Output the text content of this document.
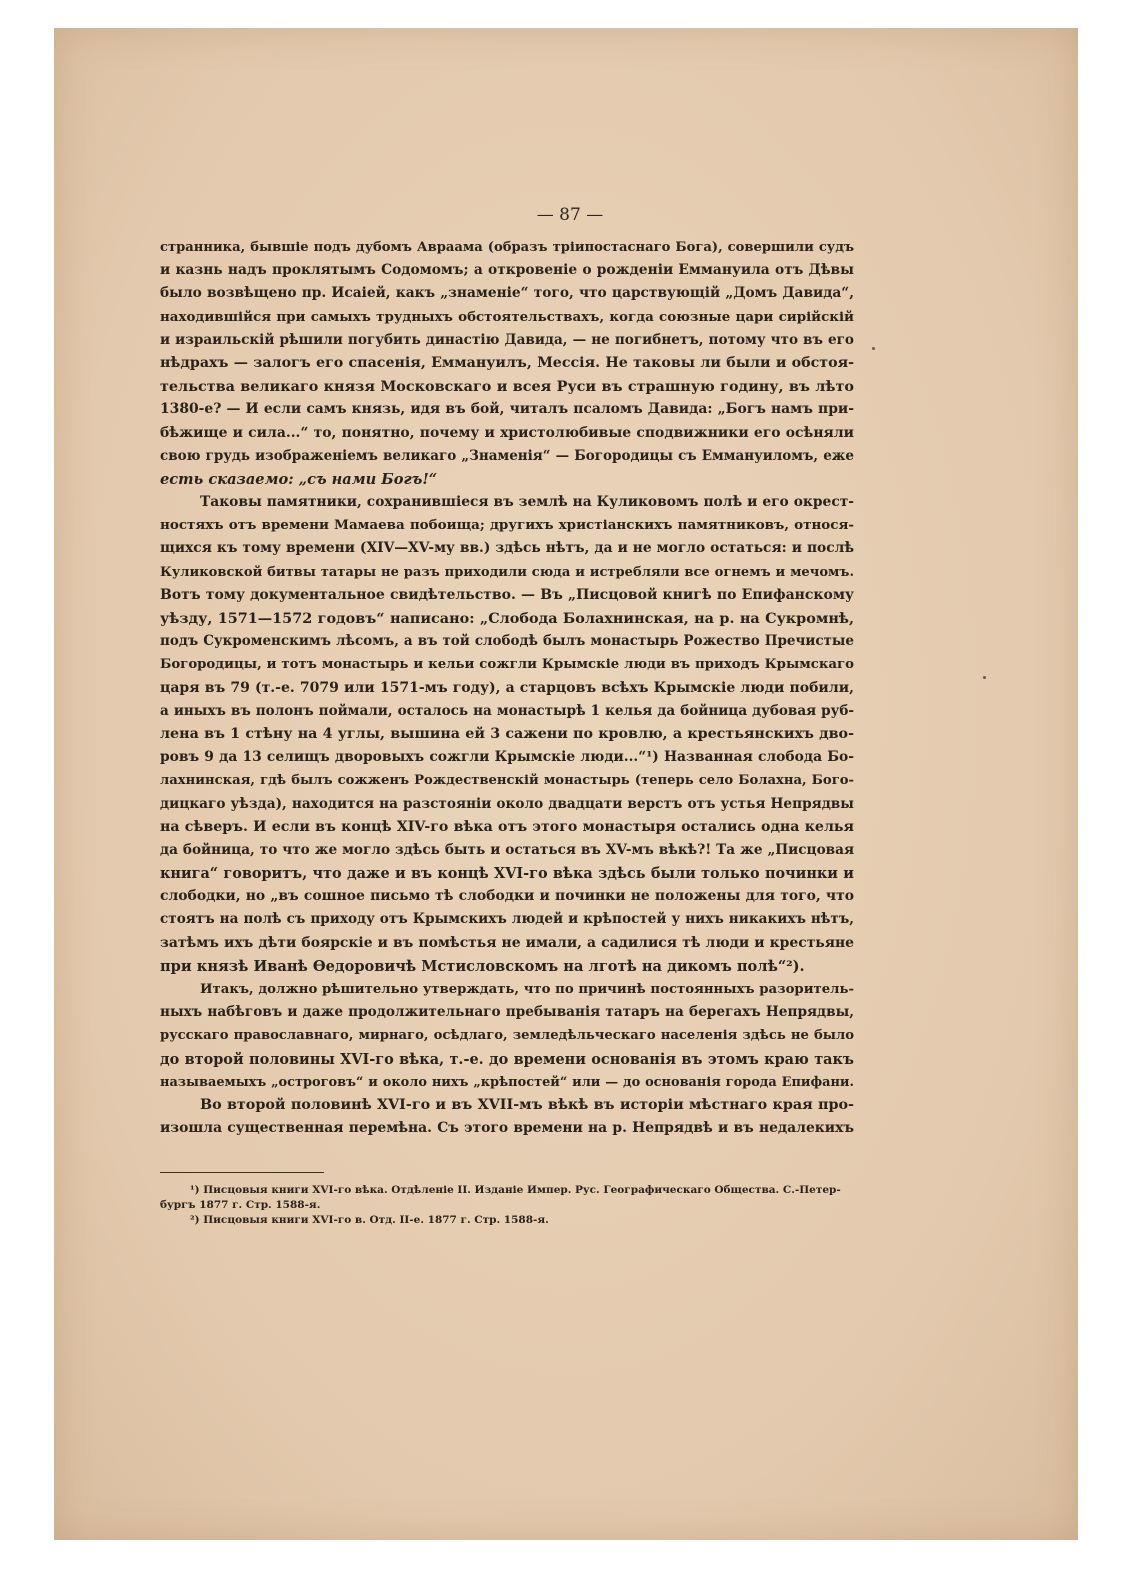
— 87 —
странника, бывшіе подъ дубомъ Авраама (образъ тріипостаснаго Бога), совершили судъ
и казнь надъ проклятымъ Содомомъ; а откровеніе о рожденіи Еммануила отъ Дѣвы
было возвѣщено пр. Исаіей, какъ „знаменіе“ того, что царствующій „Домъ Давида“,
находившійся при самыхъ трудныхъ обстоятельствахъ, когда союзные цари сирійскій
и израильскій рѣшили погубить династію Давида, — не погибнетъ, потому что въ его
нѣдрахъ — залогъ его спасенія, Еммануилъ, Мессія. Не таковы ли были и обстоя-
тельства великаго князя Московскаго и всея Руси въ страшную годину, въ лѣто
1380-е? — И если самъ князь, идя въ бой, читалъ псаломъ Давида: „Богъ намъ при-
бѣжище и сила...“ то, понятно, почему и христолюбивые сподвижники его осѣняли
свою грудь изображеніемъ великаго „Знаменія“ — Богородицы съ Еммануиломъ, еже
есть сказаемо: „съ нами Богъ!“
Таковы памятники, сохранившіеся въ землѣ на Куликовомъ полѣ и его окрест-
ностяхъ отъ времени Мамаева побоища; другихъ христіанскихъ памятниковъ, относя-
щихся къ тому времени (XIV—XV-му вв.) здѣсь нѣтъ, да и не могло остаться: и послѣ
Куликовской битвы татары не разъ приходили сюда и истребляли все огнемъ и мечомъ.
Вотъ тому документальное свидѣтельство. — Въ „Писцовой книгѣ по Епифанскому
уѣзду, 1571—1572 годовъ“ написано: „Слобода Болахнинская, на р. на Сукромнѣ,
подъ Сукроменскимъ лѣсомъ, а въ той слободѣ былъ монастырь Рожество Пречистые
Богородицы, и тотъ монастырь и кельи сожгли Крымскіе люди въ приходъ Крымскаго
царя въ 79 (т.-е. 7079 или 1571-мъ году), а старцовъ всѣхъ Крымскіе люди побили,
а иныхъ въ полонъ поймали, осталось на монастырѣ 1 келья да бойница дубовая руб-
лена въ 1 стѣну на 4 углы, вышина ей 3 сажени по кровлю, а крестьянскихъ дво-
ровъ 9 да 13 селищъ дворовыхъ сожгли Крымскіе люди...“¹) Названная слобода Бо-
лахнинская, гдѣ былъ сожженъ Рождественскій монастырь (теперь село Болахна, Бого-
дицкаго уѣзда), находится на разстояніи около двадцати верстъ отъ устья Непрядвы
на сѣверъ. И если въ концѣ XIV-го вѣка отъ этого монастыря остались одна келья
да бойница, то что же могло здѣсь быть и остаться въ XV-мъ вѣкѣ?! Та же „Писцовая
книга“ говоритъ, что даже и въ концѣ XVI-го вѣка здѣсь были только починки и
слободки, но „въ сошное письмо тѣ слободки и починки не положены для того, что
стоятъ на полѣ съ приходу отъ Крымскихъ людей и крѣпостей у нихъ никакихъ нѣтъ,
затѣмъ ихъ дѣти боярскіе и въ помѣстья не имали, а садилися тѣ люди и крестьяне
при князѣ Иванѣ Ѳедоровичѣ Мстисловскомъ на лготѣ на дикомъ полѣ“²).
Итакъ, должно рѣшительно утверждать, что по причинѣ постоянныхъ разоритель-
ныхъ набѣговъ и даже продолжительнаго пребыванія татаръ на берегахъ Непрядвы,
русскаго православнаго, мирнаго, осѣдлаго, земледѣльческаго населенія здѣсь не было
до второй половины XVI-го вѣка, т.-е. до времени основанія въ этомъ краю такъ
называемыхъ „остроговъ“ и около нихъ „крѣпостей“ или — до основанія города Епифани.
Во второй половинѣ XVI-го и въ XVII-мъ вѣкѣ въ исторіи мѣстнаго края про-
изошла существенная перемѣна. Съ этого времени на р. Непрядвѣ и въ недалекихъ
¹) Писцовыя книги XVI-го вѣка. Отдѣленіе II. Изданіе Импер. Рус. Географическаго Общества. С.-Петер-
бургъ 1877 г. Стр. 1588-я.
²) Писцовыя книги XVI-го в. Отд. II-е. 1877 г. Стр. 1588-я.
